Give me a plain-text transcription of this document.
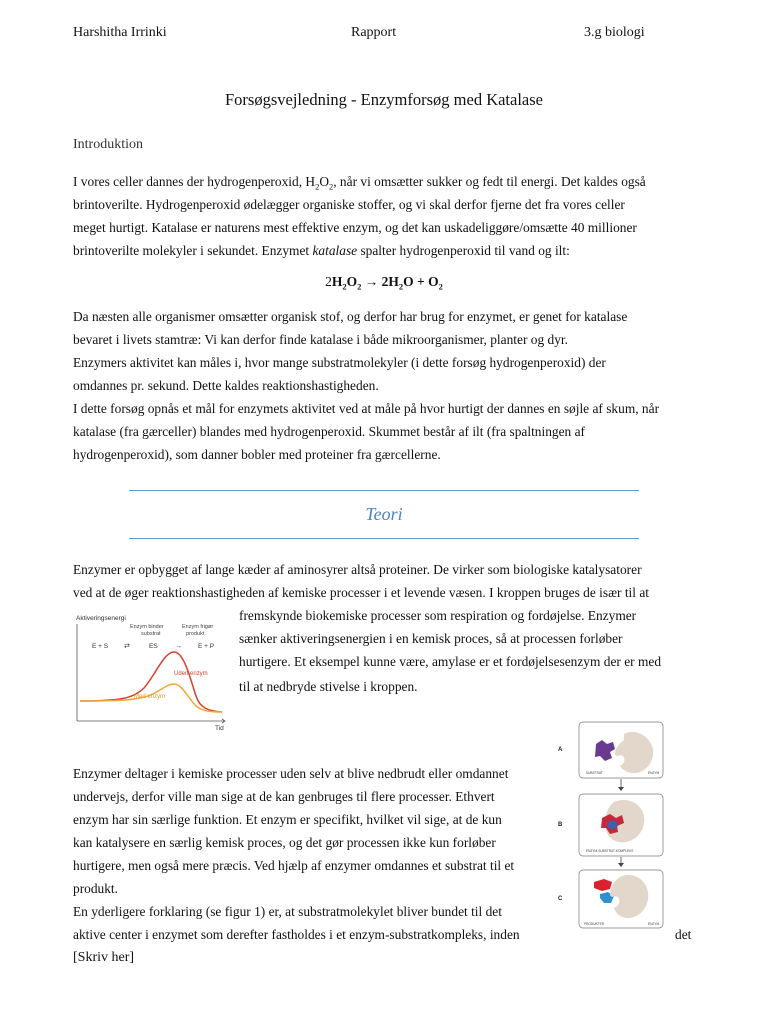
Harshitha Irrinki	Rapport	3.g biologi
Forsøgsvejledning - Enzymforsøg med Katalase
Introduktion
I vores celler dannes der hydrogenperoxid, $H_2O_2$, når vi omsætter sukker og fedt til energi. Det kaldes også
brintoverilte. Hydrogenperoxid ødelægger organiske stoffer, og vi skal derfor fjerne det fra vores celler
meget hurtigt. Katalase er naturens mest effektive enzym, og det kan uskadeliggøre/omsætte 40 millioner
brintoverilte molekyler i sekundet. Enzymet katalase spalter hydrogenperoxid til vand og ilt:
$2H_2O_2 \to 2H_2O + O_2$
Da næsten alle organismer omsætter organisk stof, og derfor har brug for enzymet, er genet for katalase
bevaret i livets stamtræ: Vi kan derfor finde katalase i både mikroorganismer, planter og dyr.
Enzymers aktivitet kan måles i, hvor mange substratmolekyler (i dette forsøg hydrogenperoxid) der
omdannes pr. sekund. Dette kaldes reaktionshastigheden.
I dette forsøg opnås et mål for enzymets aktivitet ved at måle på hvor hurtigt der dannes en søjle af skum, når
katalase (fra gærceller) blandes med hydrogenperoxid. Skummet består af ilt (fra spaltningen af
hydrogenperoxid), som danner bobler med proteiner fra gærcellerne.
Teori
Enzymer er opbygget af lange kæder af aminosyrer altså proteiner. De virker som biologiske katalysatorer
ved at de øger reaktionshastigheden af kemiske processer i et levende væsen. I kroppen bruges de især til at
fremskynde biokemiske processer som respiration og fordøjelse. Enzymer
sænker aktiveringsenergien i en kemisk proces, så at processen forløber
hurtigere. Et eksempel kunne være, amylase er et fordøjelsesenzym der er med
til at nedbryde stivelse i kroppen.
Aktiveringsenergi
Tid
Enzym binder
substrat
Enzym frigør
produkt
E + S ⇄	ES → E + P
Uden enzym
Med enzym
A
SUBSTRAT	ENZYM
B
ENZYM-SUBSTRAT-KOMPLEKS
C
PRODUKTER	ENZYM
Enzymer deltager i kemiske processer uden selv at blive nedbrudt eller omdannet
undervejs, derfor ville man sige at de kan genbruges til flere processer. Ethvert
enzym har sin særlige funktion. Et enzym er specifikt, hvilket vil sige, at de kun
kan katalysere en særlig kemisk proces, og det gør processen ikke kun forløber
hurtigere, men også mere præcis. Ved hjælp af enzymer omdannes et substrat til et
produkt.
En yderligere forklaring (se figur 1) er, at substratmolekylet bliver bundet til det
aktive center i enzymet som derefter fastholdes i et enzym-substratkompleks, inden	det
[Skriv her]
